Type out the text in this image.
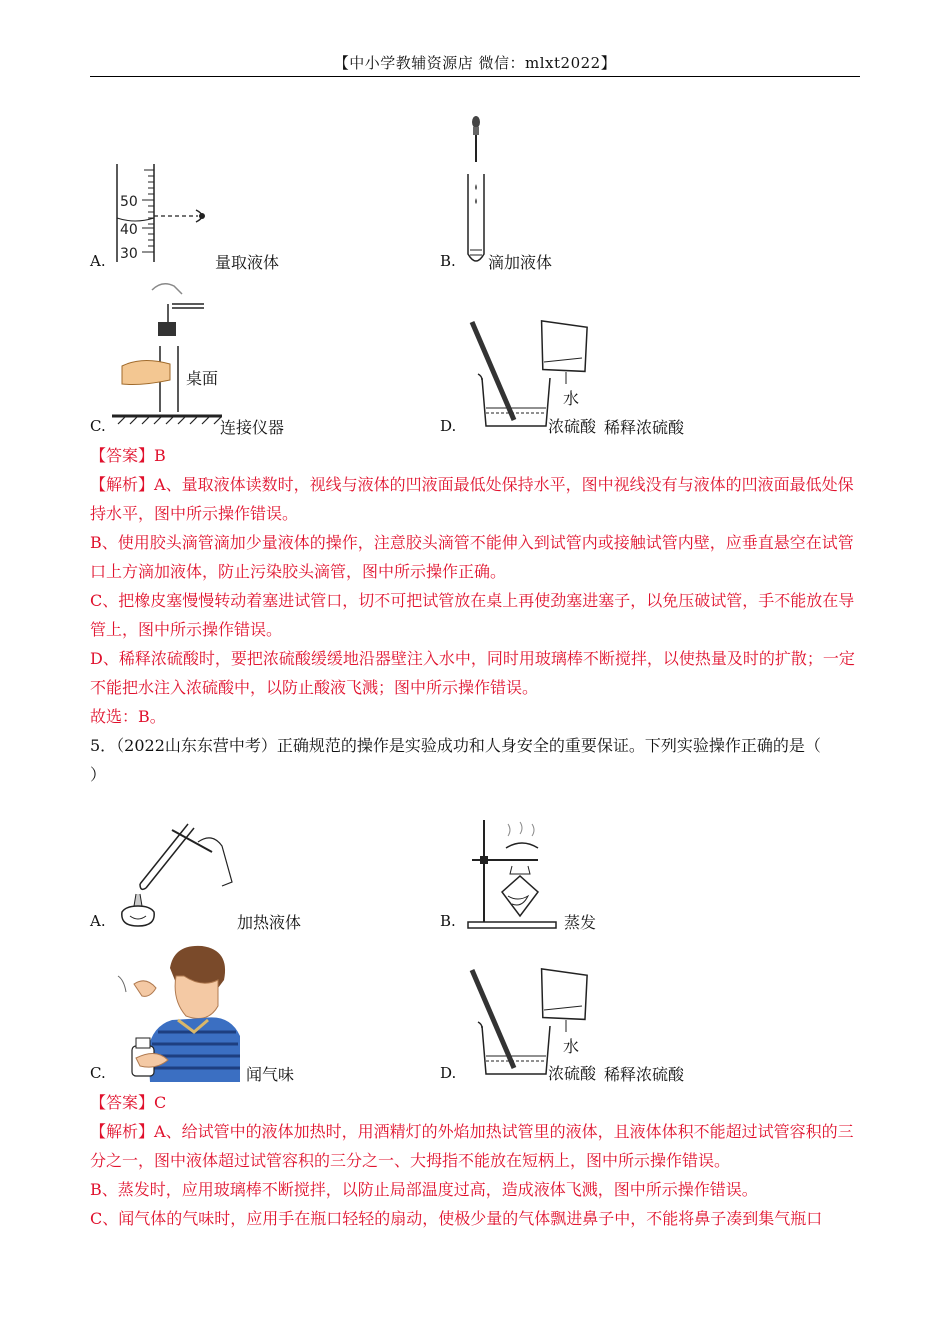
【中小学教辅资源店 微信：mlxt2022】
A.
50
40
30	量取液体	B. 滴加液体
C.
桌面
连接仪器	D.
水
浓硫酸 稀释浓硫酸
【答案】B
【解析】A、量取液体读数时，视线与液体的凹液面最低处保持水平，图中视线没有与液体的凹液面最低处保持水平，图中所示操作错误。
B、使用胶头滴管滴加少量液体的操作，注意胶头滴管不能伸入到试管内或接触试管内壁，应垂直悬空在试管口上方滴加液体，防止污染胶头滴管，图中所示操作正确。
C、把橡皮塞慢慢转动着塞进试管口，切不可把试管放在桌上再使劲塞进塞子，以免压破试管，手不能放在导管上，图中所示操作错误。
D、稀释浓硫酸时，要把浓硫酸缓缓地沿器壁注入水中，同时用玻璃棒不断搅拌，以使热量及时的扩散；一定不能把水注入浓硫酸中，以防止酸液飞溅；图中所示操作错误。
故选：B。
5．（2022山东东营中考）正确规范的操作是实验成功和人身安全的重要保证。下列实验操作正确的是（
）
A.	加热液体	B.	蒸发
C.	闻气味	D.
水
浓硫酸 稀释浓硫酸
【答案】C
【解析】A、给试管中的液体加热时，用酒精灯的外焰加热试管里的液体，且液体体积不能超过试管容积的三分之一，图中液体超过试管容积的三分之一、大拇指不能放在短柄上，图中所示操作错误。
B、蒸发时，应用玻璃棒不断搅拌，以防止局部温度过高，造成液体飞溅，图中所示操作错误。
C、闻气体的气味时，应用手在瓶口轻轻的扇动，使极少量的气体飘进鼻子中，不能将鼻子凑到集气瓶口
